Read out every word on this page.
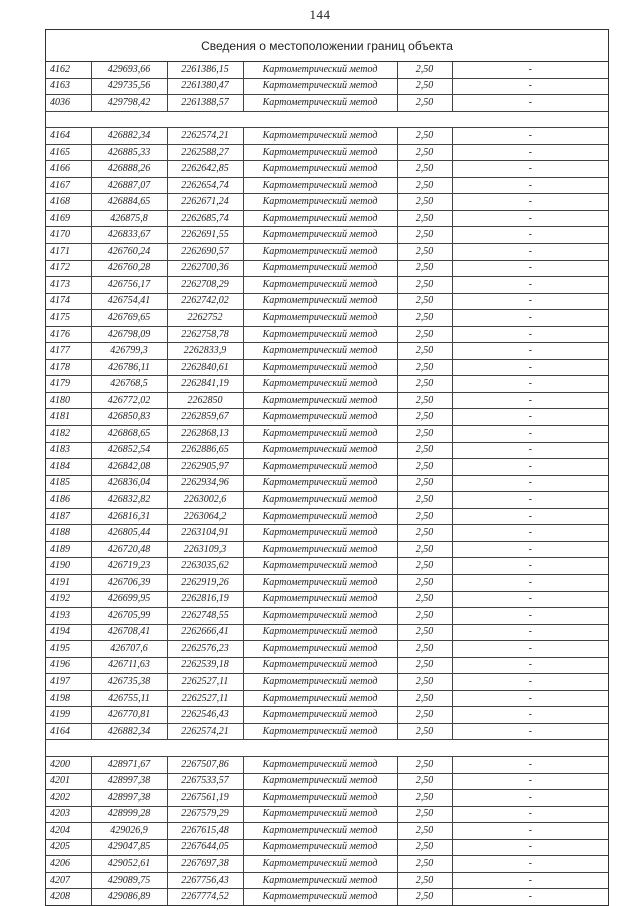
144
Сведения о местоположении границ объекта
4162	429693,66	2261386,15	Картометрический метод	2,50	-
4163	429735,56	2261380,47	Картометрический метод	2,50	-
4036	429798,42	2261388,57	Картометрический метод	2,50	-

4164	426882,34	2262574,21	Картометрический метод	2,50	-
4165	426885,33	2262588,27	Картометрический метод	2,50	-
4166	426888,26	2262642,85	Картометрический метод	2,50	-
4167	426887,07	2262654,74	Картометрический метод	2,50	-
4168	426884,65	2262671,24	Картометрический метод	2,50	-
4169	426875,8	2262685,74	Картометрический метод	2,50	-
4170	426833,67	2262691,55	Картометрический метод	2,50	-
4171	426760,24	2262690,57	Картометрический метод	2,50	-
4172	426760,28	2262700,36	Картометрический метод	2,50	-
4173	426756,17	2262708,29	Картометрический метод	2,50	-
4174	426754,41	2262742,02	Картометрический метод	2,50	-
4175	426769,65	2262752	Картометрический метод	2,50	-
4176	426798,09	2262758,78	Картометрический метод	2,50	-
4177	426799,3	2262833,9	Картометрический метод	2,50	-
4178	426786,11	2262840,61	Картометрический метод	2,50	-
4179	426768,5	2262841,19	Картометрический метод	2,50	-
4180	426772,02	2262850	Картометрический метод	2,50	-
4181	426850,83	2262859,67	Картометрический метод	2,50	-
4182	426868,65	2262868,13	Картометрический метод	2,50	-
4183	426852,54	2262886,65	Картометрический метод	2,50	-
4184	426842,08	2262905,97	Картометрический метод	2,50	-
4185	426836,04	2262934,96	Картометрический метод	2,50	-
4186	426832,82	2263002,6	Картометрический метод	2,50	-
4187	426816,31	2263064,2	Картометрический метод	2,50	-
4188	426805,44	2263104,91	Картометрический метод	2,50	-
4189	426720,48	2263109,3	Картометрический метод	2,50	-
4190	426719,23	2263035,62	Картометрический метод	2,50	-
4191	426706,39	2262919,26	Картометрический метод	2,50	-
4192	426699,95	2262816,19	Картометрический метод	2,50	-
4193	426705,99	2262748,55	Картометрический метод	2,50	-
4194	426708,41	2262666,41	Картометрический метод	2,50	-
4195	426707,6	2262576,23	Картометрический метод	2,50	-
4196	426711,63	2262539,18	Картометрический метод	2,50	-
4197	426735,38	2262527,11	Картометрический метод	2,50	-
4198	426755,11	2262527,11	Картометрический метод	2,50	-
4199	426770,81	2262546,43	Картометрический метод	2,50	-
4164	426882,34	2262574,21	Картометрический метод	2,50	-

4200	428971,67	2267507,86	Картометрический метод	2,50	-
4201	428997,38	2267533,57	Картометрический метод	2,50	-
4202	428997,38	2267561,19	Картометрический метод	2,50	-
4203	428999,28	2267579,29	Картометрический метод	2,50	-
4204	429026,9	2267615,48	Картометрический метод	2,50	-
4205	429047,85	2267644,05	Картометрический метод	2,50	-
4206	429052,61	2267697,38	Картометрический метод	2,50	-
4207	429089,75	2267756,43	Картометрический метод	2,50	-
4208	429086,89	2267774,52	Картометрический метод	2,50	-
